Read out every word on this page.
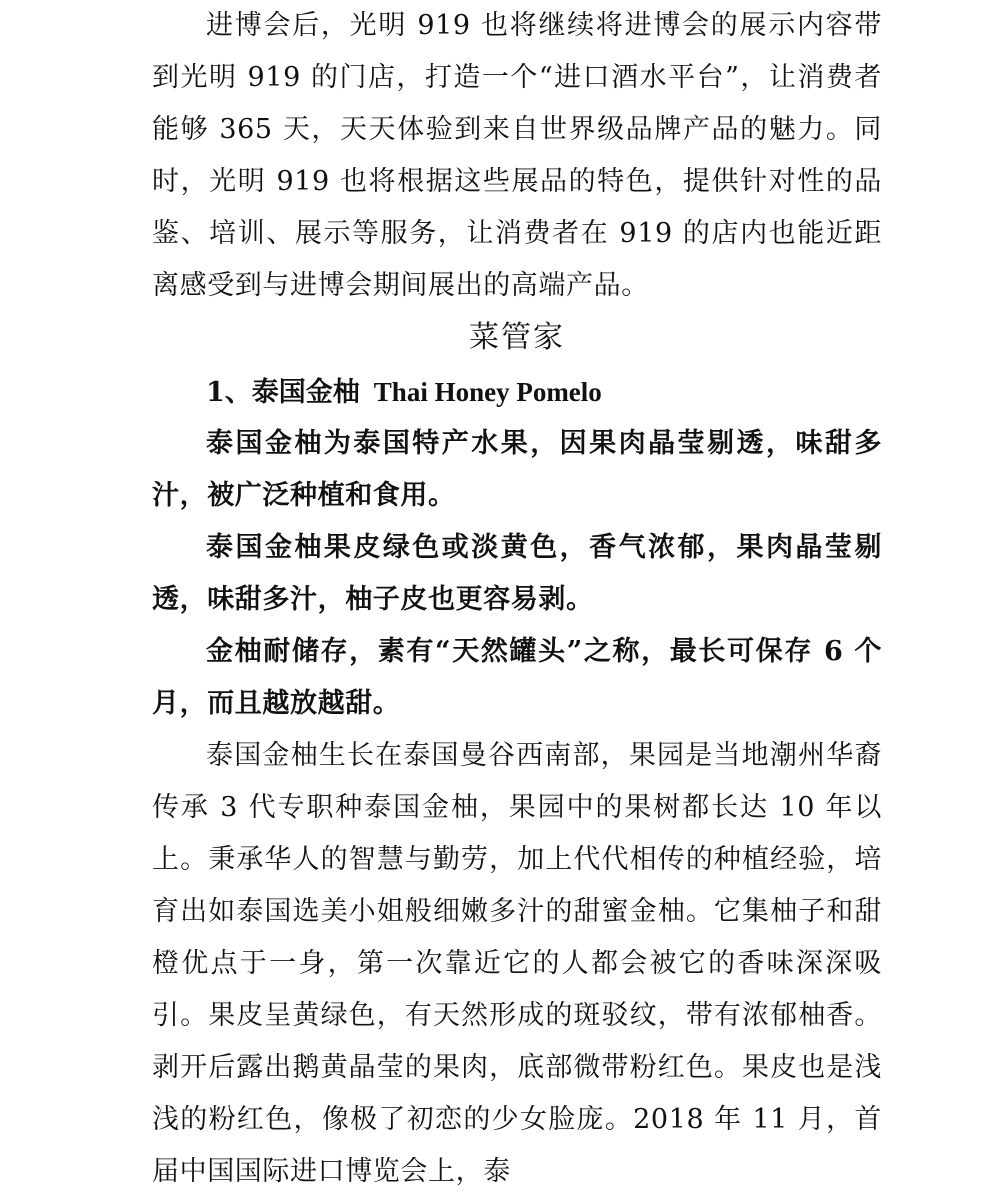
进博会后，光明 919 也将继续将进博会的展示内容带到光明 919 的门店，打造一个“进口酒水平台”，让消费者能够 365 天，天天体验到来自世界级品牌产品的魅力。同时，光明 919 也将根据这些展品的特色，提供针对性的品鉴、培训、展示等服务，让消费者在 919 的店内也能近距离感受到与进博会期间展出的高端产品。

菜管家
1、泰国金柚 Thai Honey Pomelo

泰国金柚为泰国特产水果，因果肉晶莹剔透，味甜多汁，被广泛种植和食用。

泰国金柚果皮绿色或淡黄色，香气浓郁，果肉晶莹剔透，味甜多汁，柚子皮也更容易剥。

金柚耐储存，素有“天然罐头”之称，最长可保存 6 个月，而且越放越甜。

泰国金柚生长在泰国曼谷西南部，果园是当地潮州华裔传承 3 代专职种泰国金柚，果园中的果树都长达 10 年以上。秉承华人的智慧与勤劳，加上代代相传的种植经验，培育出如泰国选美小姐般细嫩多汁的甜蜜金柚。它集柚子和甜橙优点于一身，第一次靠近它的人都会被它的香味深深吸引。果皮呈黄绿色，有天然形成的斑驳纹，带有浓郁柚香。剥开后露出鹅黄晶莹的果肉，底部微带粉红色。果皮也是浅浅的粉红色，像极了初恋的少女脸庞。2018 年 11 月，首届中国国际进口博览会上，泰
